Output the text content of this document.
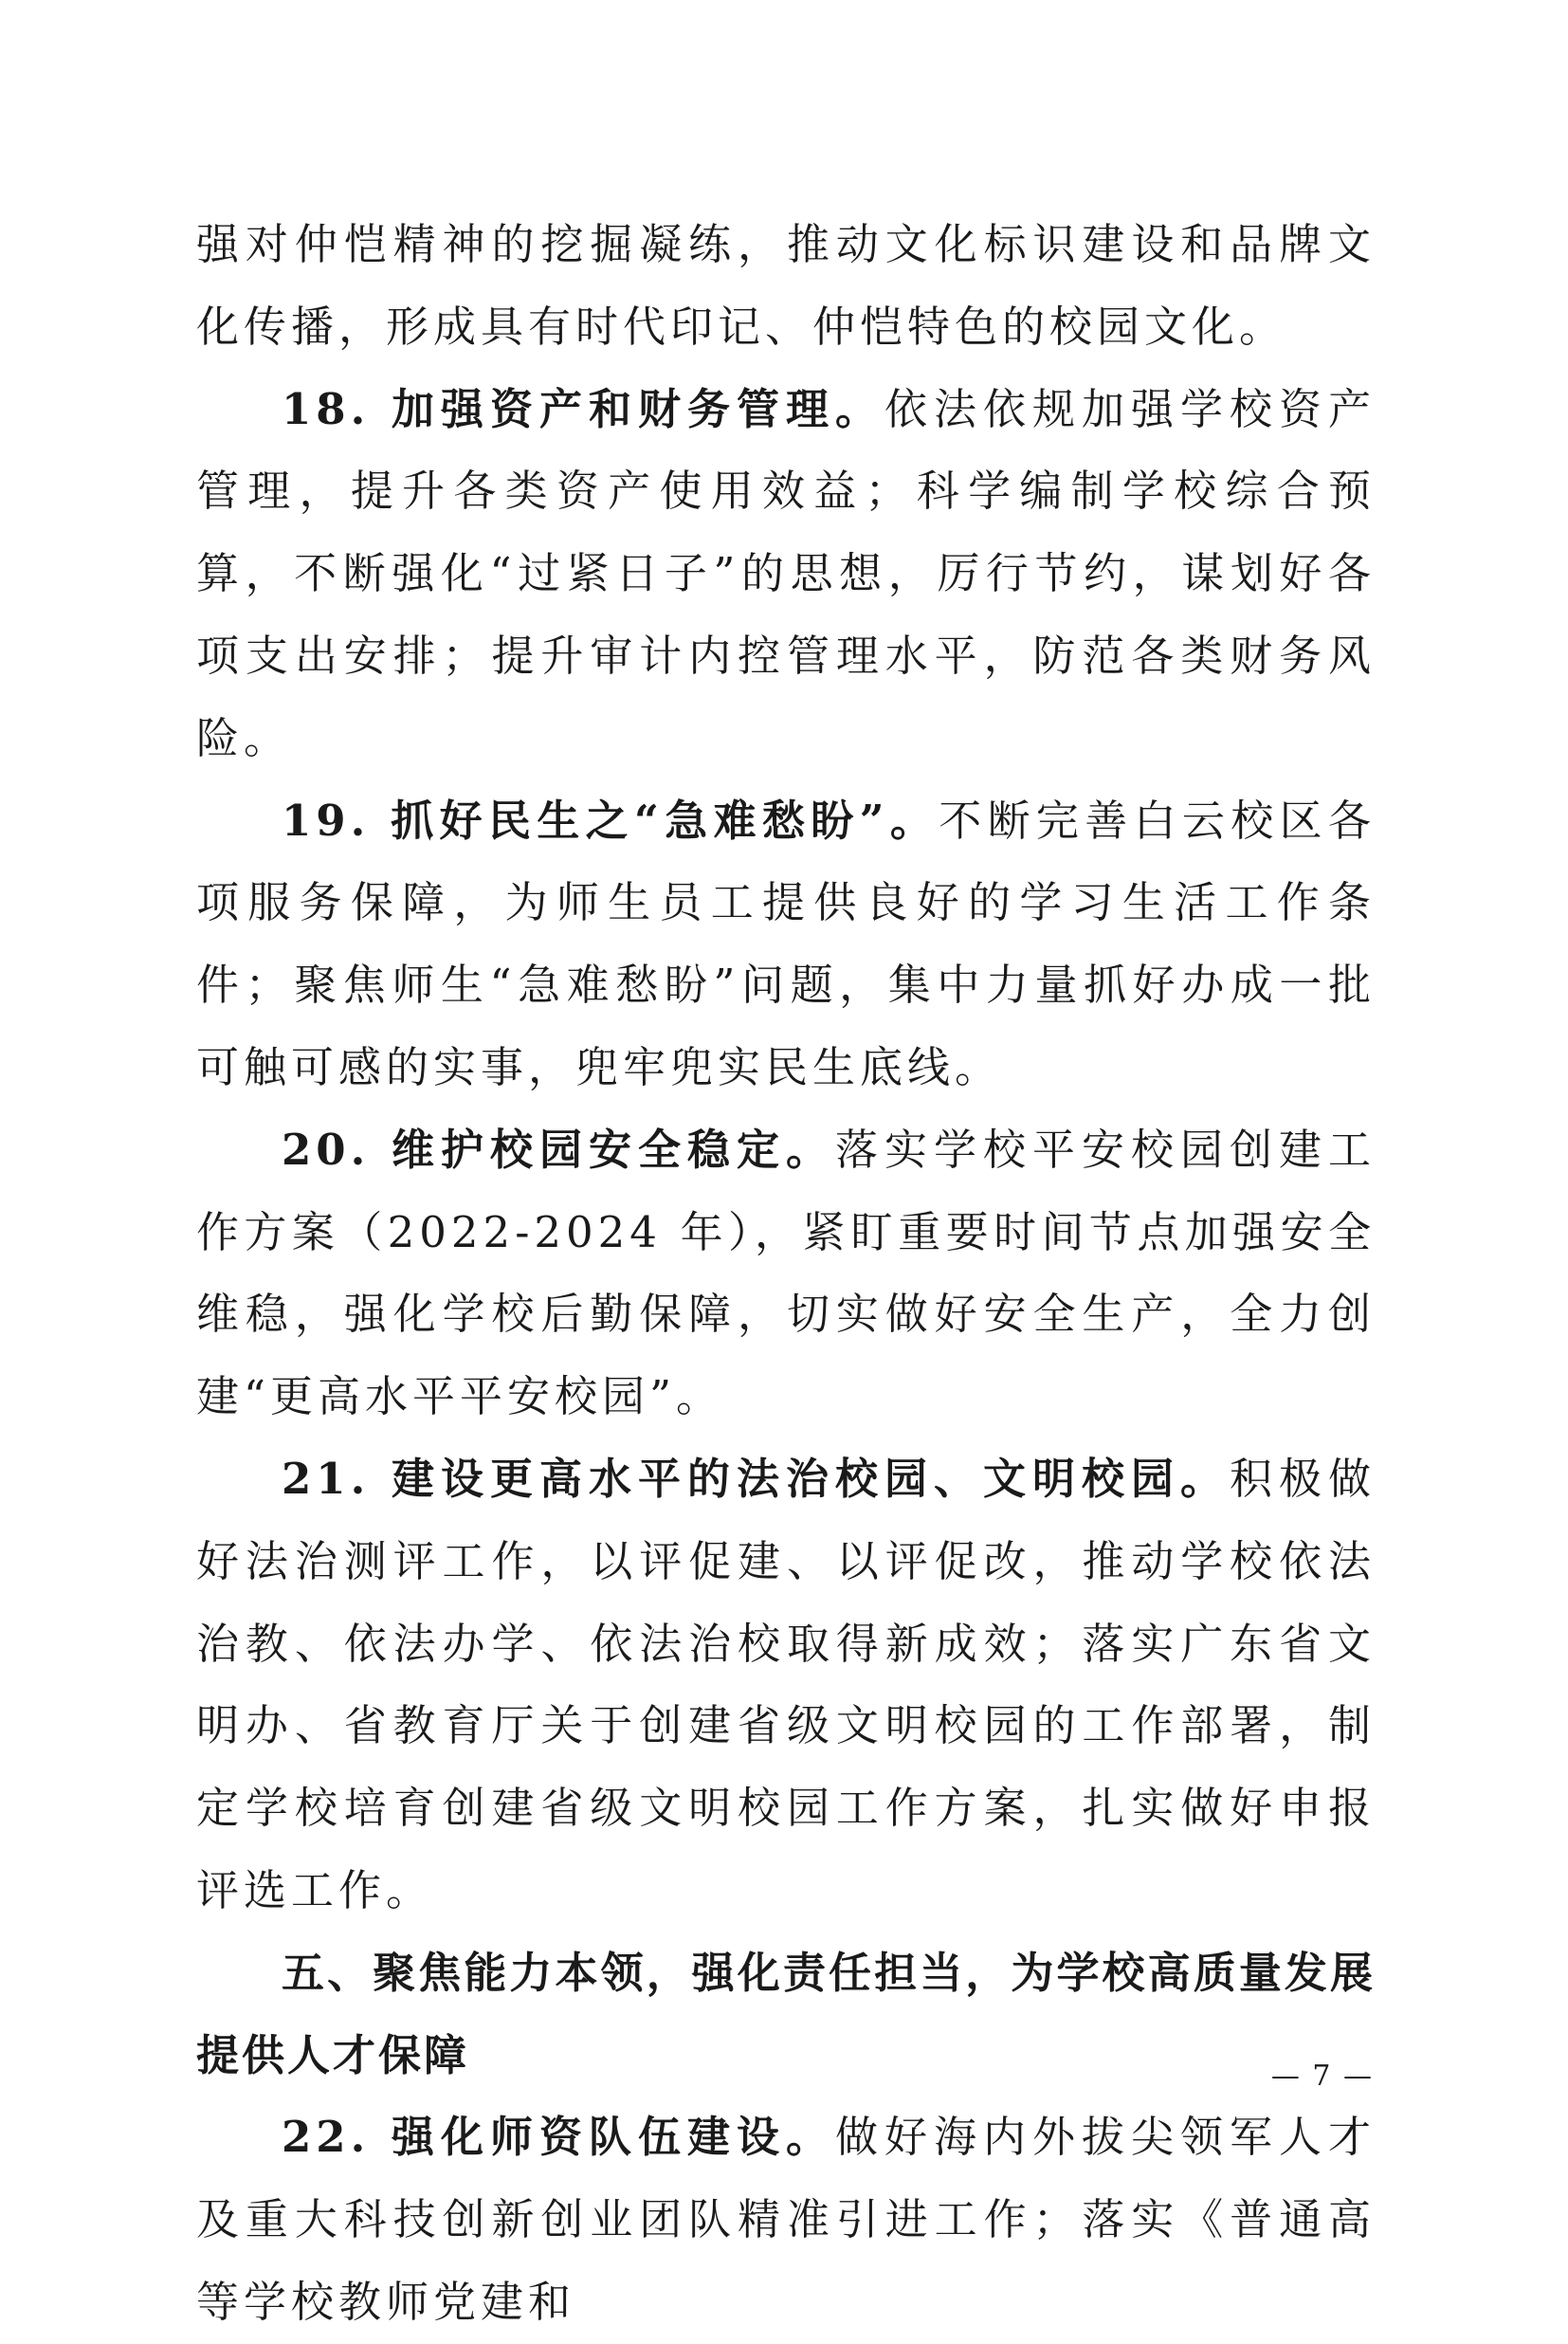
强对仲恺精神的挖掘凝练，推动文化标识建设和品牌文化传播，形成具有时代印记、仲恺特色的校园文化。

18. 加强资产和财务管理。依法依规加强学校资产管理，提升各类资产使用效益；科学编制学校综合预算，不断强化“过紧日子”的思想，厉行节约，谋划好各项支出安排；提升审计内控管理水平，防范各类财务风险。

19. 抓好民生之“急难愁盼”。不断完善白云校区各项服务保障，为师生员工提供良好的学习生活工作条件；聚焦师生“急难愁盼”问题，集中力量抓好办成一批可触可感的实事，兜牢兜实民生底线。

20. 维护校园安全稳定。落实学校平安校园创建工作方案（2022-2024 年），紧盯重要时间节点加强安全维稳，强化学校后勤保障，切实做好安全生产，全力创建“更高水平平安校园”。

21. 建设更高水平的法治校园、文明校园。积极做好法治测评工作，以评促建、以评促改，推动学校依法治教、依法办学、依法治校取得新成效；落实广东省文明办、省教育厅关于创建省级文明校园的工作部署，制定学校培育创建省级文明校园工作方案，扎实做好申报评选工作。

五、聚焦能力本领，强化责任担当，为学校高质量发展提供人才保障

22. 强化师资队伍建设。做好海内外拔尖领军人才及重大科技创新创业团队精准引进工作；落实《普通高等学校教师党建和

— 7 —
